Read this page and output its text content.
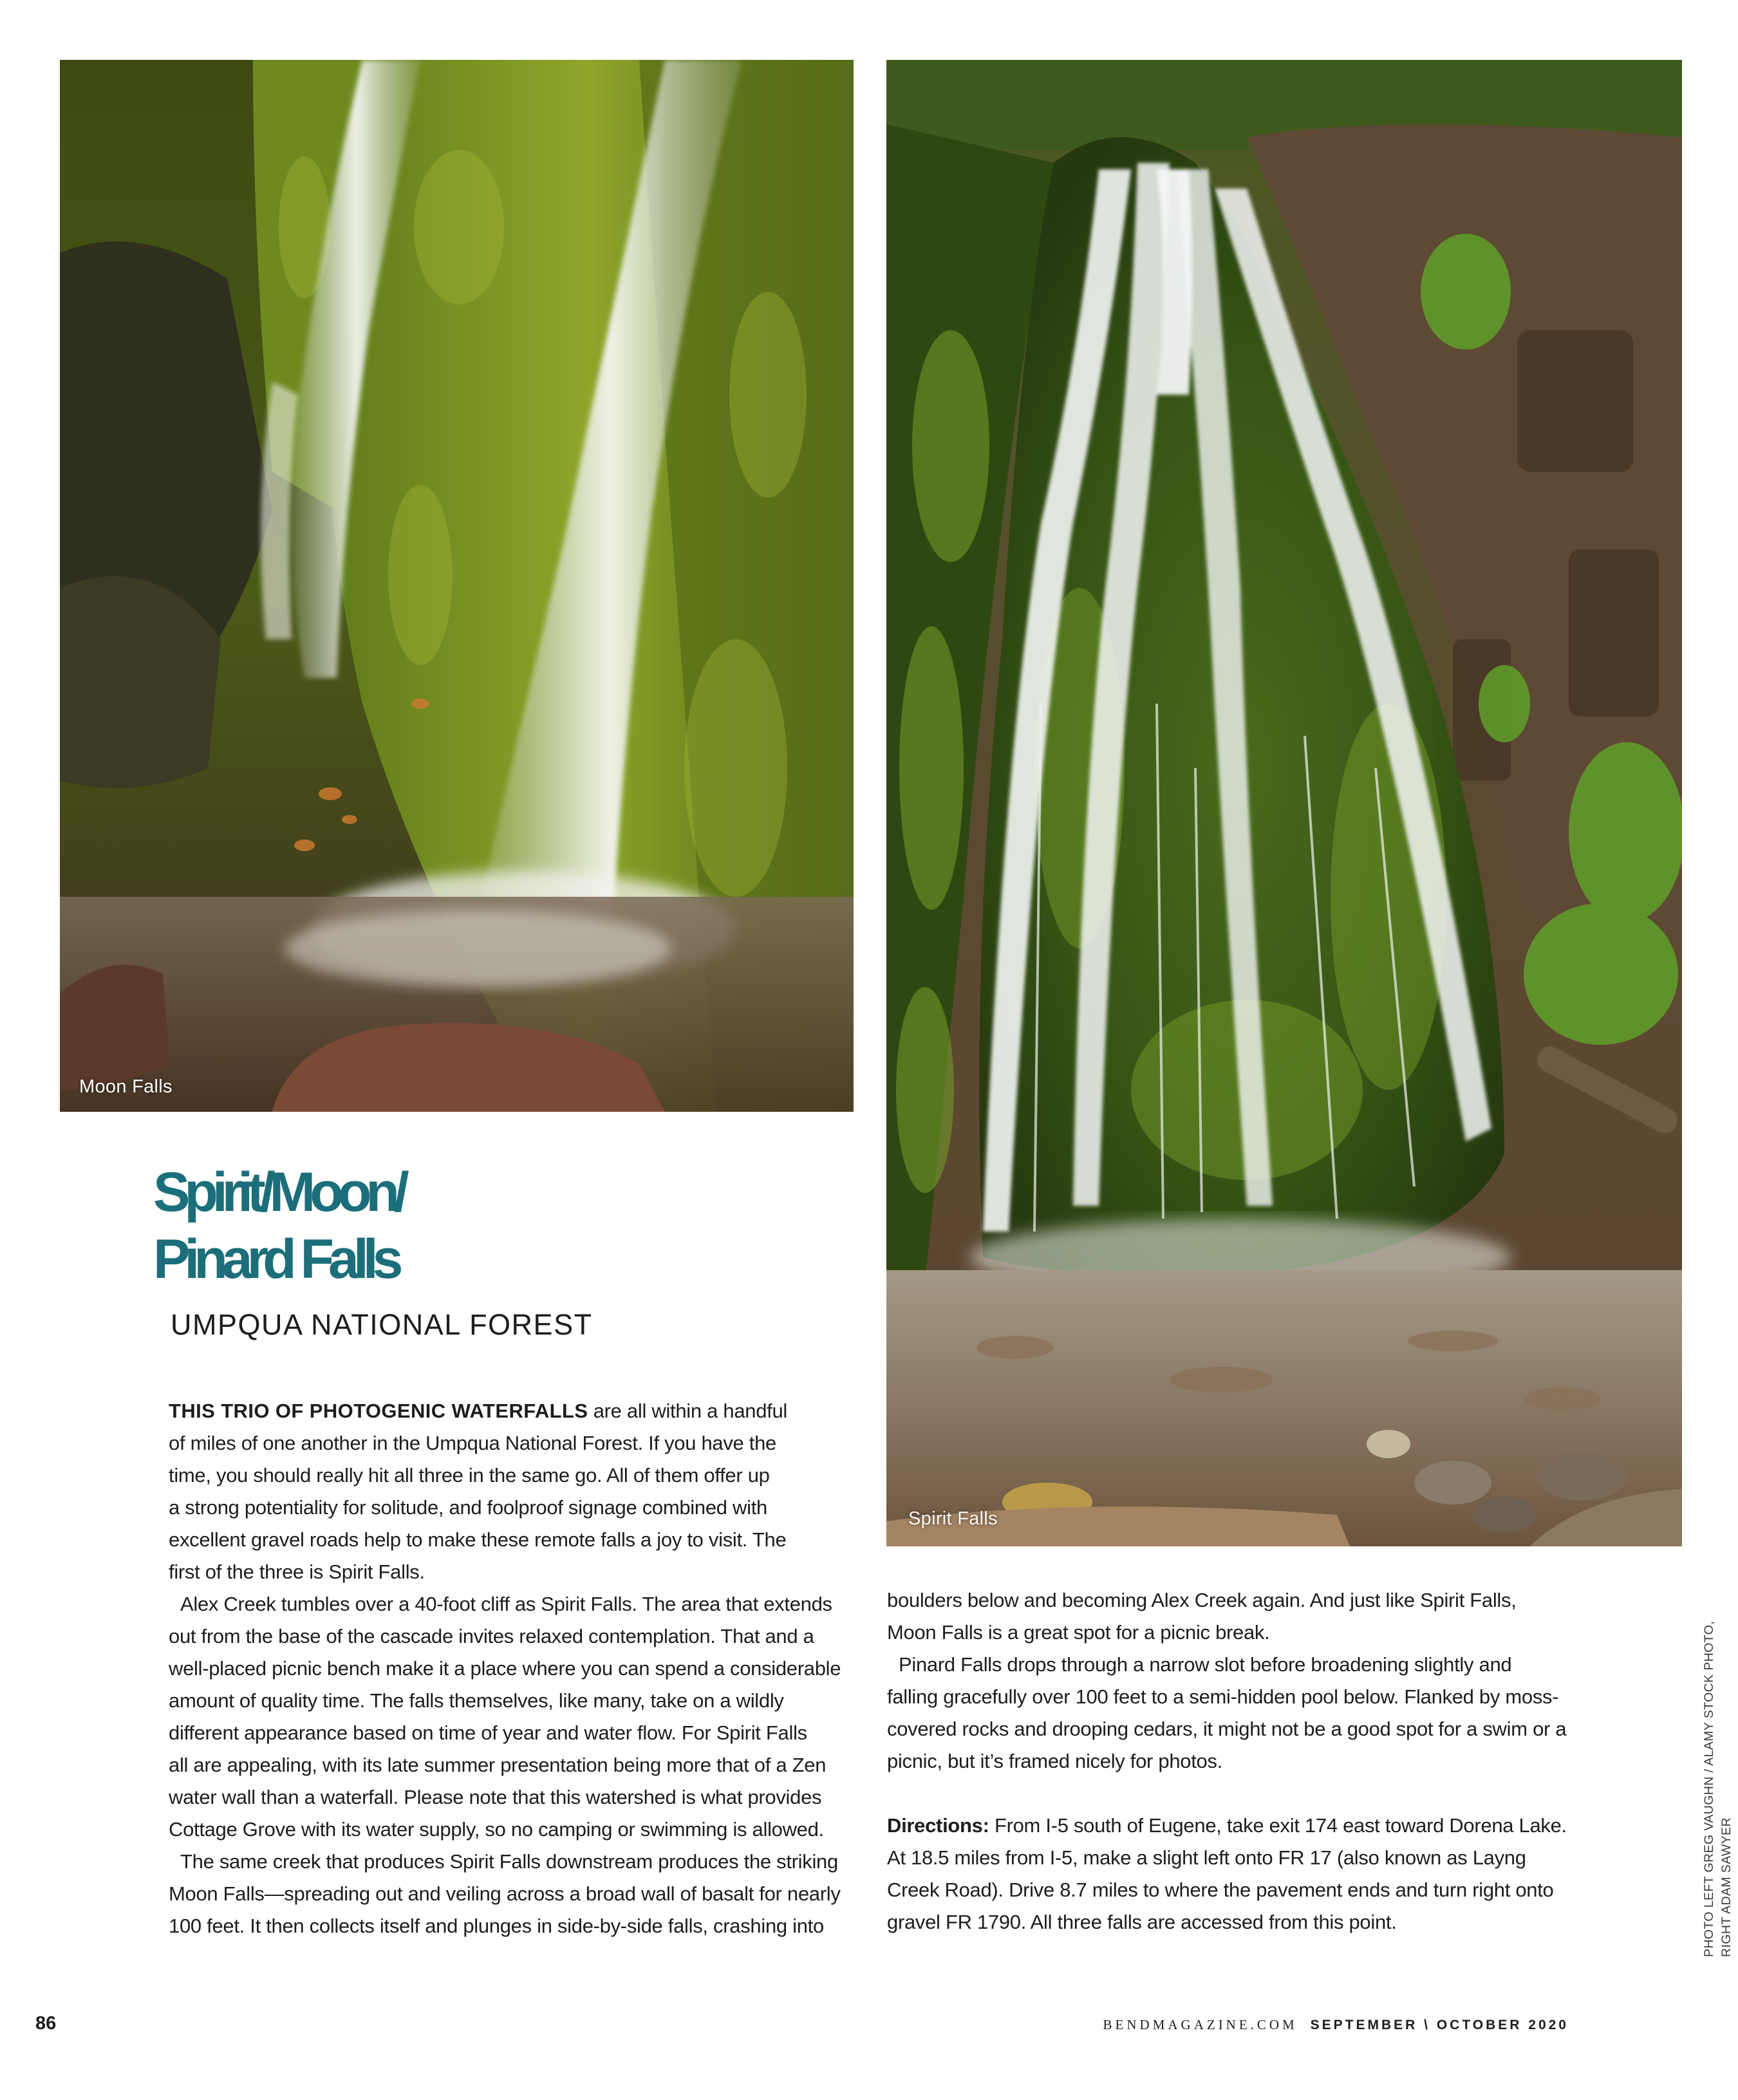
Moon Falls
Spirit Falls
Spirit/Moon/
Pinard Falls
UMPQUA NATIONAL FOREST
THIS TRIO OF PHOTOGENIC WATERFALLS are all within a handful
of miles of one another in the Umpqua National Forest. If you have the
time, you should really hit all three in the same go. All of them offer up
a strong potentiality for solitude, and foolproof signage combined with
excellent gravel roads help to make these remote falls a joy to visit. The
first of the three is Spirit Falls.
Alex Creek tumbles over a 40-foot cliff as Spirit Falls. The area that extends
out from the base of the cascade invites relaxed contemplation. That and a
well-placed picnic bench make it a place where you can spend a considerable
amount of quality time. The falls themselves, like many, take on a wildly
different appearance based on time of year and water flow. For Spirit Falls
all are appealing, with its late summer presentation being more that of a Zen
water wall than a waterfall. Please note that this watershed is what provides
Cottage Grove with its water supply, so no camping or swimming is allowed.
The same creek that produces Spirit Falls downstream produces the striking
Moon Falls—spreading out and veiling across a broad wall of basalt for nearly
100 feet. It then collects itself and plunges in side-by-side falls, crashing into
boulders below and becoming Alex Creek again. And just like Spirit Falls,
Moon Falls is a great spot for a picnic break.
Pinard Falls drops through a narrow slot before broadening slightly and
falling gracefully over 100 feet to a semi-hidden pool below. Flanked by moss-
covered rocks and drooping cedars, it might not be a good spot for a swim or a
picnic, but it’s framed nicely for photos.

Directions: From I-5 south of Eugene, take exit 174 east toward Dorena Lake.
At 18.5 miles from I-5, make a slight left onto FR 17 (also known as Layng
Creek Road). Drive 8.7 miles to where the pavement ends and turn right onto
gravel FR 1790. All three falls are accessed from this point.	PHOTO LEFT GREG VAUGHN / ALAMY STOCK PHOTO, RIGHT ADAM SAWYER
86	BENDMAGAZINE.COM SEPTEMBER \ OCTOBER 2020
